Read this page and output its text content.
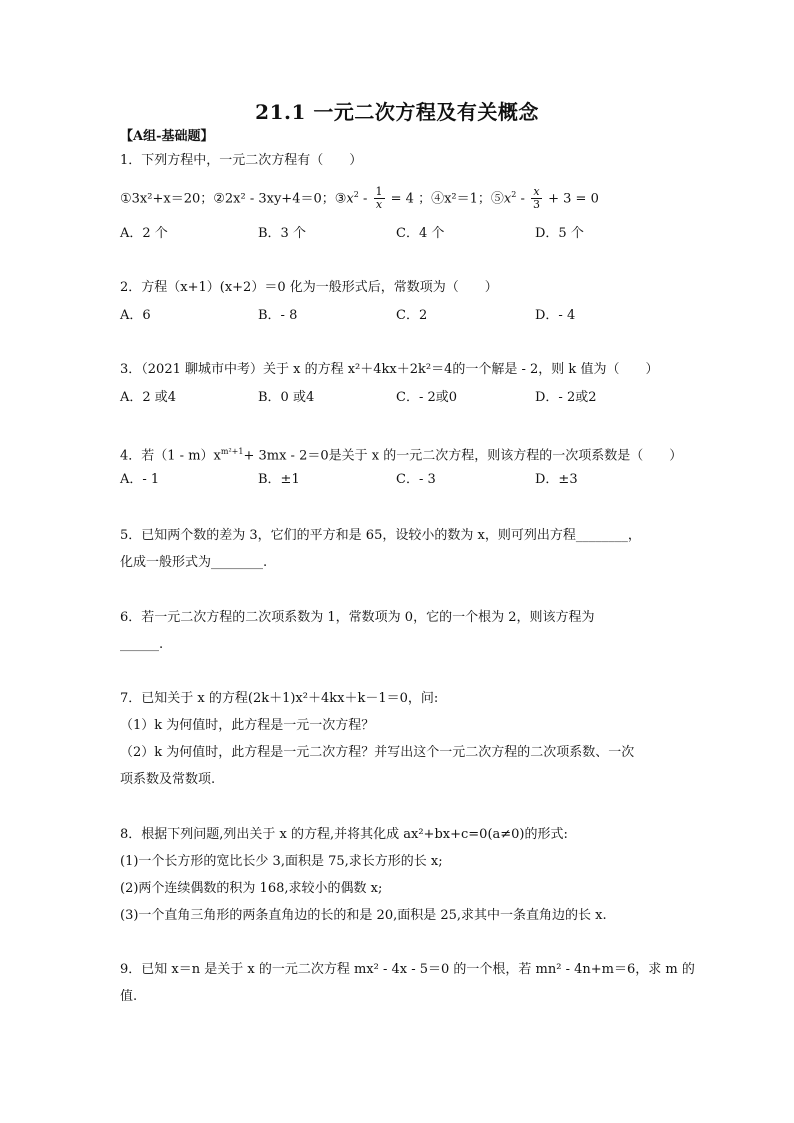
21.1 一元二次方程及有关概念
【A组-基础题】
1．下列方程中，一元二次方程有（　　）
①3x²+x＝20；②2x² - 3xy+4＝0；$③x^2 - \frac{1}{x} = 4$ ；④x²＝1；$⑤x^2 - \frac{x}{3} + 3 = 0$
A．2 个	B．3 个	C．4 个	D．5 个
2．方程（x+1）(x+2）＝0 化为一般形式后，常数项为（　　）
A．6	B．- 8	C．2	D．- 4
3．（2021 聊城市中考）关于 x 的方程 x²＋4kx＋2k²＝4的一个解是 - 2，则 k 值为（　　）
A．2 或4	B．0 或4	C．- 2或0	D．- 2或2
4．若$(1 - m)x^{m^2+1}+ 3mx - 2=0$是关于 x 的一元二次方程，则该方程的一次项系数是（　　）
A．- 1	B．±1	C．- 3	D．±3
5．已知两个数的差为 3，它们的平方和是 65，设较小的数为 x，则可列出方程________，
化成一般形式为________.
6．若一元二次方程的二次项系数为 1，常数项为 0，它的一个根为 2，则该方程为
______.
7．已知关于 x 的方程(2k＋1)x²＋4kx＋k－1＝0，问:
（1）k 为何值时，此方程是一元一次方程？
（2）k 为何值时，此方程是一元二次方程？并写出这个一元二次方程的二次项系数、一次
项系数及常数项.
8．根据下列问题,列出关于 x 的方程,并将其化成 ax²+bx+c=0(a≠0)的形式:
(1)一个长方形的宽比长少 3,面积是 75,求长方形的长 x;
(2)两个连续偶数的积为 168,求较小的偶数 x;
(3)一个直角三角形的两条直角边的长的和是 20,面积是 25,求其中一条直角边的长 x.
9．已知 x＝n 是关于 x 的一元二次方程 mx² - 4x - 5＝0 的一个根，若 mn² - 4n+m＝6，求 m 的
值.
